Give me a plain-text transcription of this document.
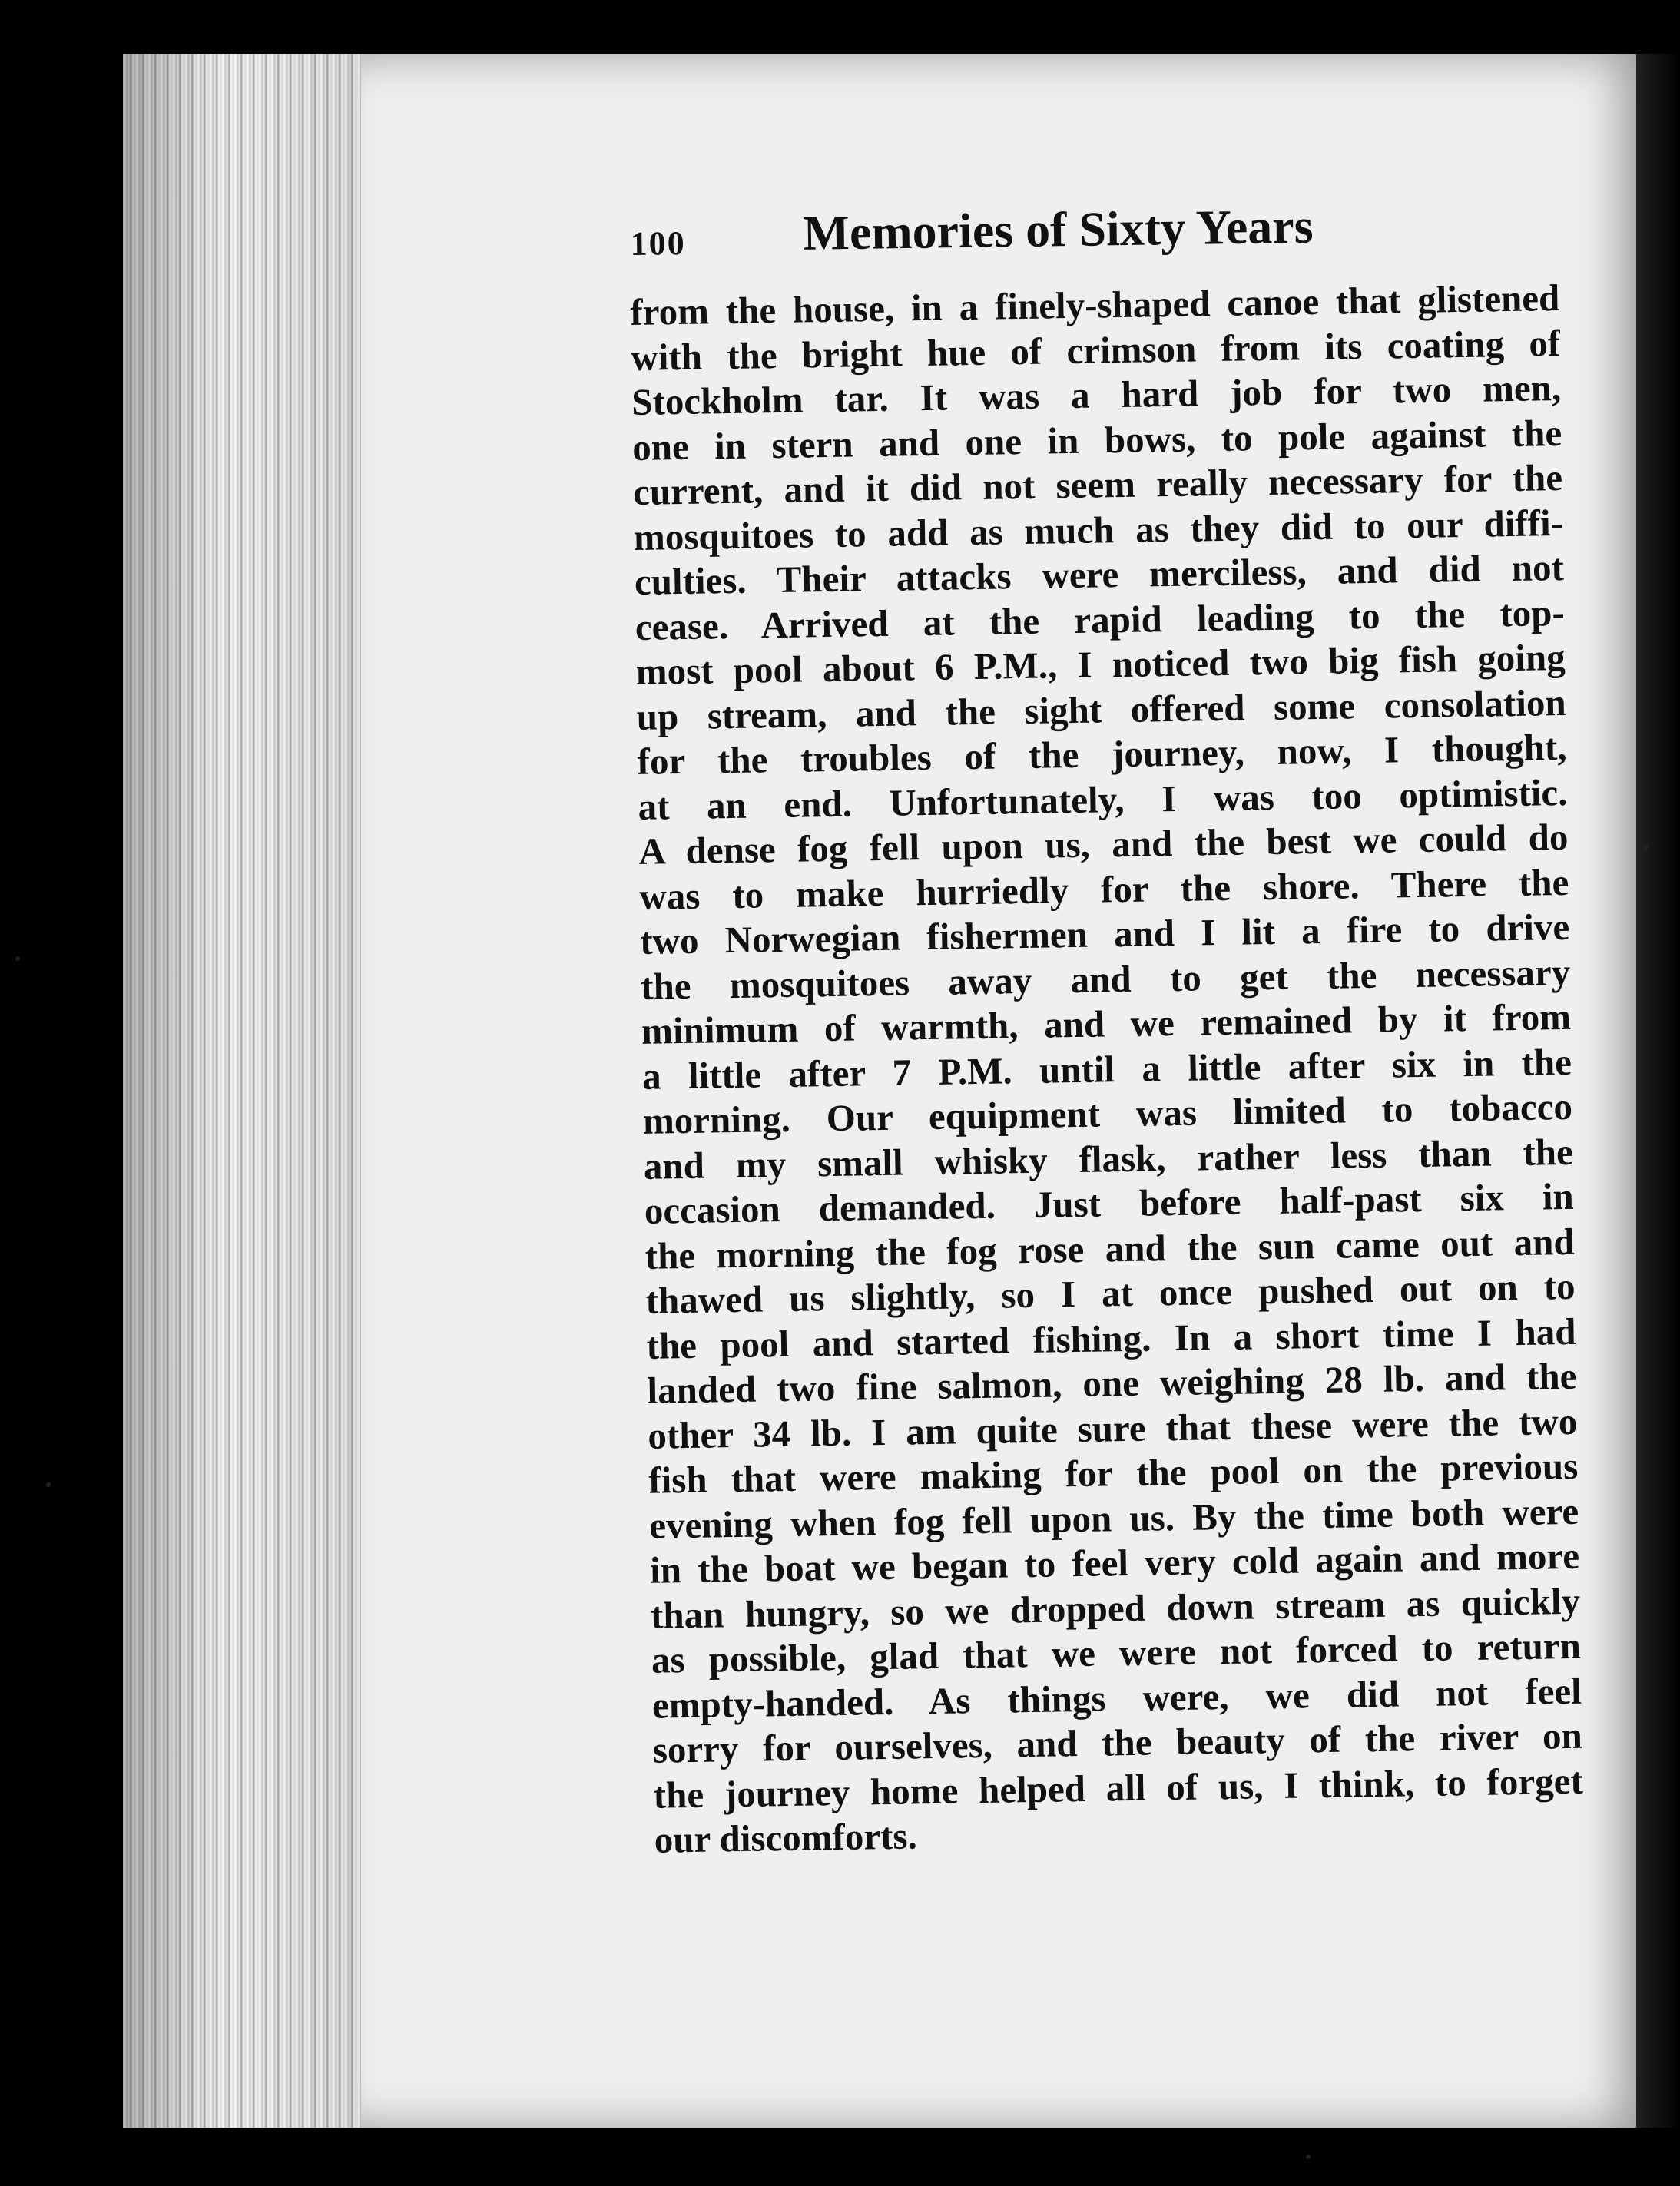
100 Memories of Sixty Years
from the house, in a finely-shaped canoe that glistened
with the bright hue of crimson from its coating of
Stockholm tar. It was a hard job for two men,
one in stern and one in bows, to pole against the
current, and it did not seem really necessary for the
mosquitoes to add as much as they did to our diffi-
culties. Their attacks were merciless, and did not
cease. Arrived at the rapid leading to the top-
most pool about 6 P.M., I noticed two big fish going
up stream, and the sight offered some consolation
for the troubles of the journey, now, I thought,
at an end. Unfortunately, I was too optimistic.
A dense fog fell upon us, and the best we could do
was to make hurriedly for the shore. There the
two Norwegian fishermen and I lit a fire to drive
the mosquitoes away and to get the necessary
minimum of warmth, and we remained by it from
a little after 7 P.M. until a little after six in the
morning. Our equipment was limited to tobacco
and my small whisky flask, rather less than the
occasion demanded. Just before half-past six in
the morning the fog rose and the sun came out and
thawed us slightly, so I at once pushed out on to
the pool and started fishing. In a short time I had
landed two fine salmon, one weighing 28 lb. and the
other 34 lb. I am quite sure that these were the two
fish that were making for the pool on the previous
evening when fog fell upon us. By the time both were
in the boat we began to feel very cold again and more
than hungry, so we dropped down stream as quickly
as possible, glad that we were not forced to return
empty-handed. As things were, we did not feel
sorry for ourselves, and the beauty of the river on
the journey home helped all of us, I think, to forget
our discomforts.
